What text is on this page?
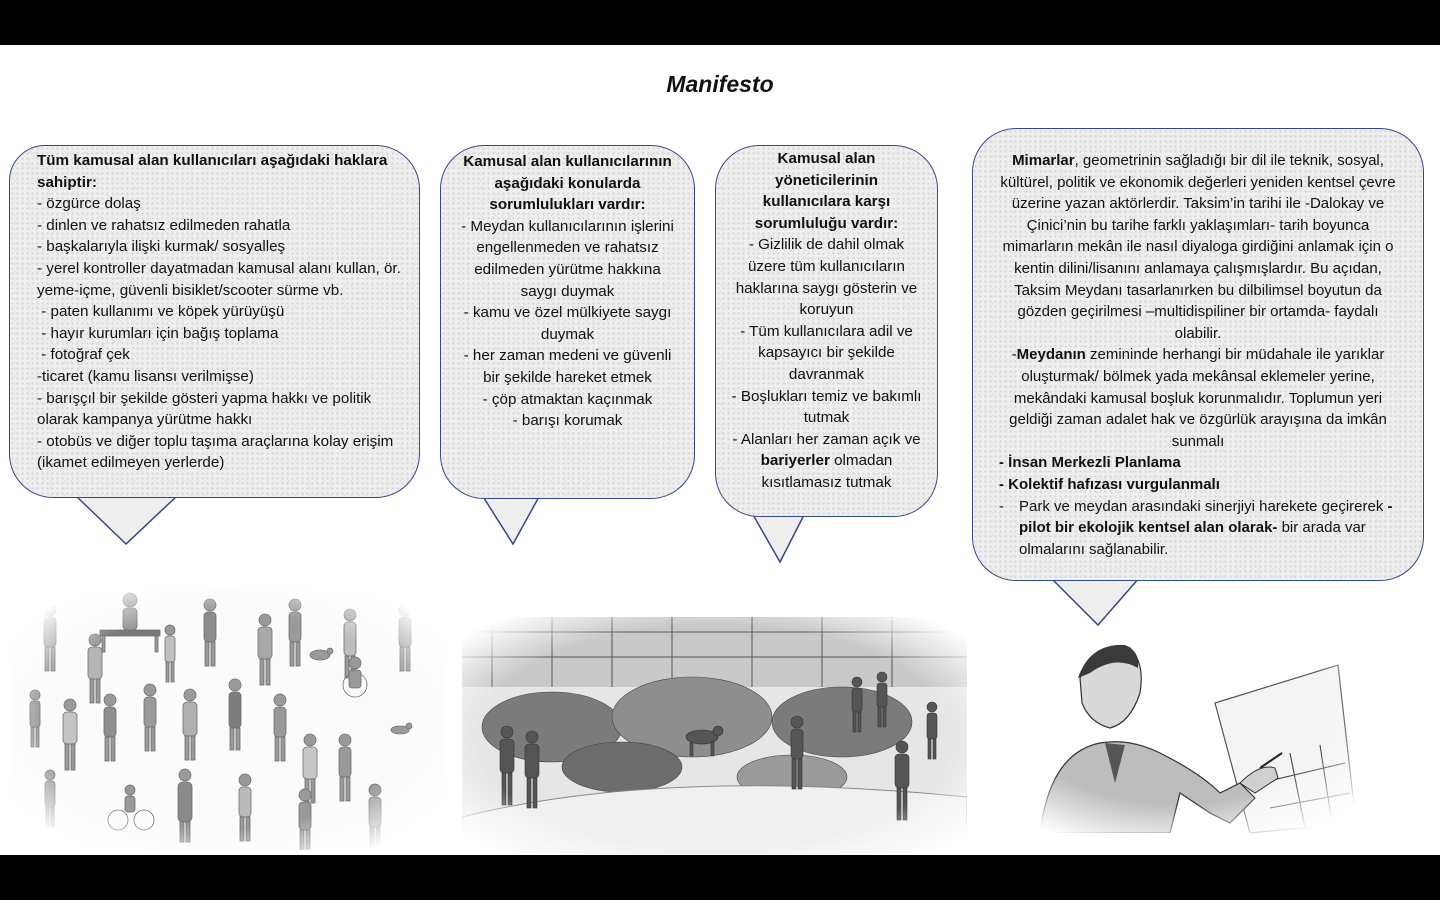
Manifesto

Tüm kamusal alan kullanıcıları aşağıdaki haklara sahiptir:

- özgürce dolaş

- dinlen ve rahatsız edilmeden rahatla

- başkalarıyla ilişki kurmak/ sosyalleş

- yerel kontroller dayatmadan kamusal alanı kullan, ör. yeme-içme, güvenli bisiklet/scooter sürme vb.

- paten kullanımı ve köpek yürüyüşü

- hayır kurumları için bağış toplama

- fotoğraf çek

-ticaret (kamu lisansı verilmişse)

- barışçıl bir şekilde gösteri yapma hakkı ve politik olarak kampanya yürütme hakkı

- otobüs ve diğer toplu taşıma araçlarına kolay erişim (ikamet edilmeyen yerlerde)

Kamusal alan kullanıcılarının aşağıdaki konularda sorumlulukları vardır:

- Meydan kullanıcılarının işlerini engellenmeden ve rahatsız edilmeden yürütme hakkına saygı duymak

- kamu ve özel mülkiyete saygı duymak

- her zaman medeni ve güvenli bir şekilde hareket etmek

- çöp atmaktan kaçınmak

- barışı korumak

Kamusal alan yöneticilerinin kullanıcılara karşı sorumluluğu vardır:

- Gizlilik de dahil olmak üzere tüm kullanıcıların haklarına saygı gösterin ve koruyun

- Tüm kullanıcılara adil ve kapsayıcı bir şekilde davranmak

- Boşlukları temiz ve bakımlı tutmak

- Alanları her zaman açık ve bariyerler olmadan kısıtlamasız tutmak

Mimarlar, geometrinin sağladığı bir dil ile teknik, sosyal, kültürel, politik ve ekonomik değerleri yeniden kentsel çevre üzerine yazan aktörlerdir. Taksim’in tarihi ile -Dalokay ve Çinici’nin bu tarihe farklı yaklaşımları- tarih boyunca mimarların mekân ile nasıl diyaloga girdiğini anlamak için o kentin dilini/lisanını anlamaya çalışmışlardır. Bu açıdan, Taksim Meydanı tasarlanırken bu dilbilimsel boyutun da gözden geçirilmesi –multidispiliner bir ortamda- faydalı olabilir.

-Meydanın zemininde herhangi bir müdahale ile yarıklar oluşturmak/ bölmek yada mekânsal eklemeler yerine, mekândaki kamusal boşluk korunmalıdır. Toplumun yeri geldiği zaman adalet hak ve özgürlük arayışına da imkân sunmalı

- İnsan Merkezli Planlama

- Kolektif hafızası vurgulanmalı

-	Park ve meydan arasındaki sinerjiyi harekete geçirerek -pilot bir ekolojik kentsel alan olarak- bir arada var olmalarını sağlanabilir.
